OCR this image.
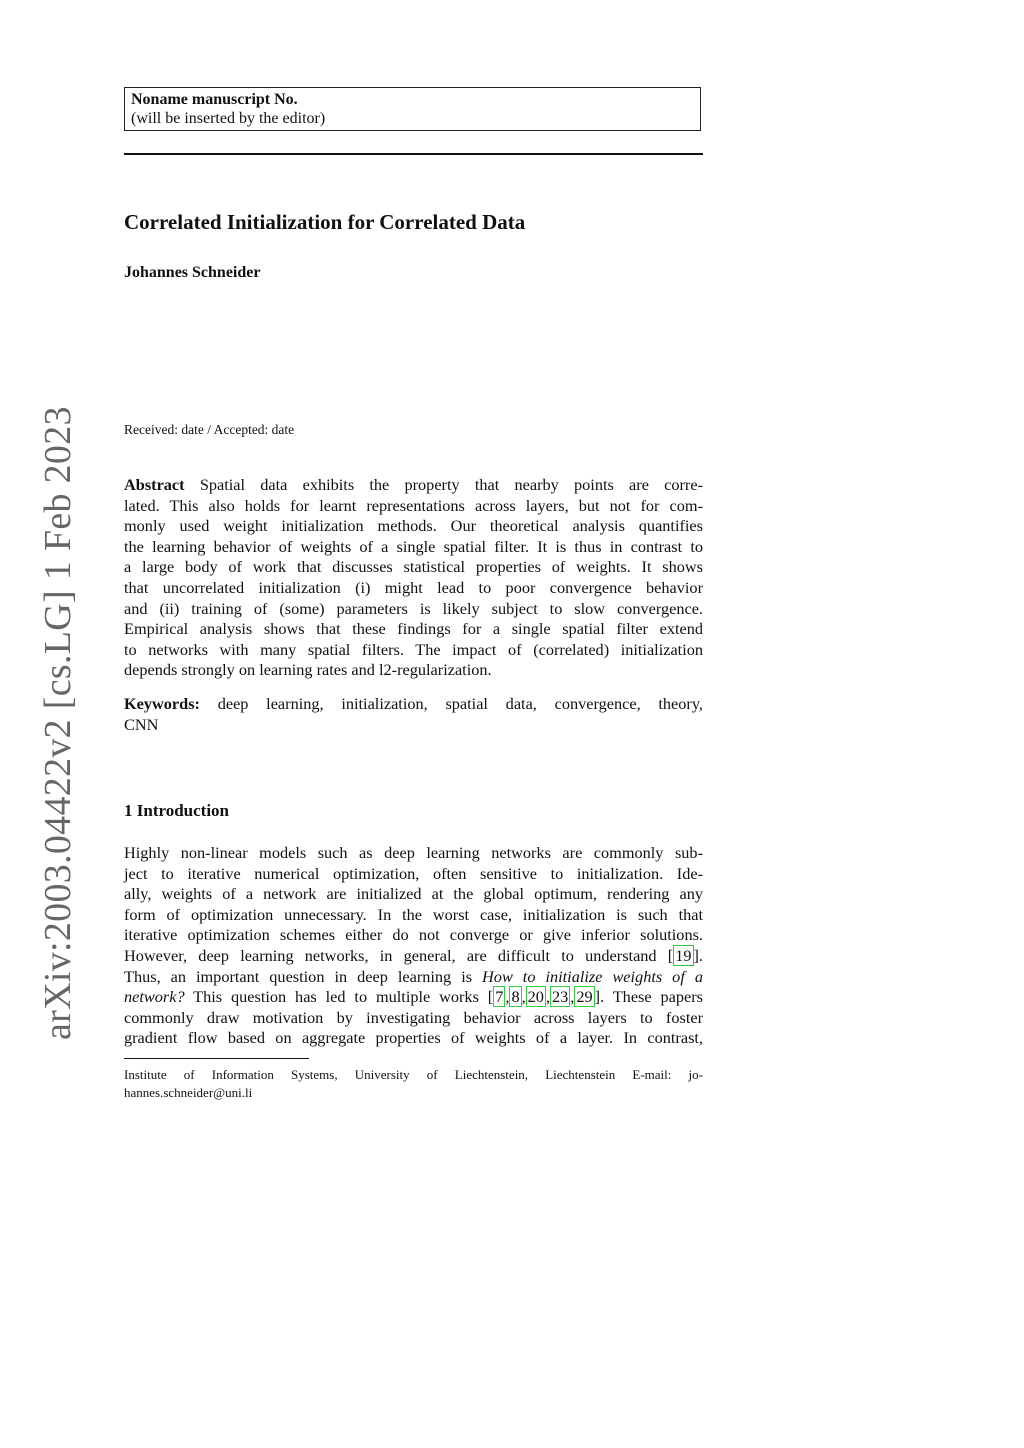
Noname manuscript No.
(will be inserted by the editor)
Correlated Initialization for Correlated Data
Johannes Schneider
Received: date / Accepted: date
arXiv:2003.04422v2 [cs.LG] 1 Feb 2023	Abstract Spatial data exhibits the property that nearby points are corre-
lated. This also holds for learnt representations across layers, but not for com-
monly used weight initialization methods. Our theoretical analysis quantifies
the learning behavior of weights of a single spatial filter. It is thus in contrast to
a large body of work that discusses statistical properties of weights. It shows
that uncorrelated initialization (i) might lead to poor convergence behavior
and (ii) training of (some) parameters is likely subject to slow convergence.
Empirical analysis shows that these findings for a single spatial filter extend
to networks with many spatial filters. The impact of (correlated) initialization
depends strongly on learning rates and l2-regularization.

Keywords: deep learning, initialization, spatial data, convergence, theory,
CNN

1 Introduction

Highly non-linear models such as deep learning networks are commonly sub-
ject to iterative numerical optimization, often sensitive to initialization. Ide-
ally, weights of a network are initialized at the global optimum, rendering any
form of optimization unnecessary. In the worst case, initialization is such that
iterative optimization schemes either do not converge or give inferior solutions.
However, deep learning networks, in general, are difficult to understand [ 19 ].
Thus, an important question in deep learning is How to initialize weights of a
network? This question has led to multiple works [ 7 , 8 , 20 , 23 , 29 ]. These papers
commonly draw motivation by investigating behavior across layers to foster
gradient flow based on aggregate properties of weights of a layer. In contrast,

Institute of Information Systems, University of Liechtenstein, Liechtenstein E-mail: jo-
hannes.schneider@uni.li
